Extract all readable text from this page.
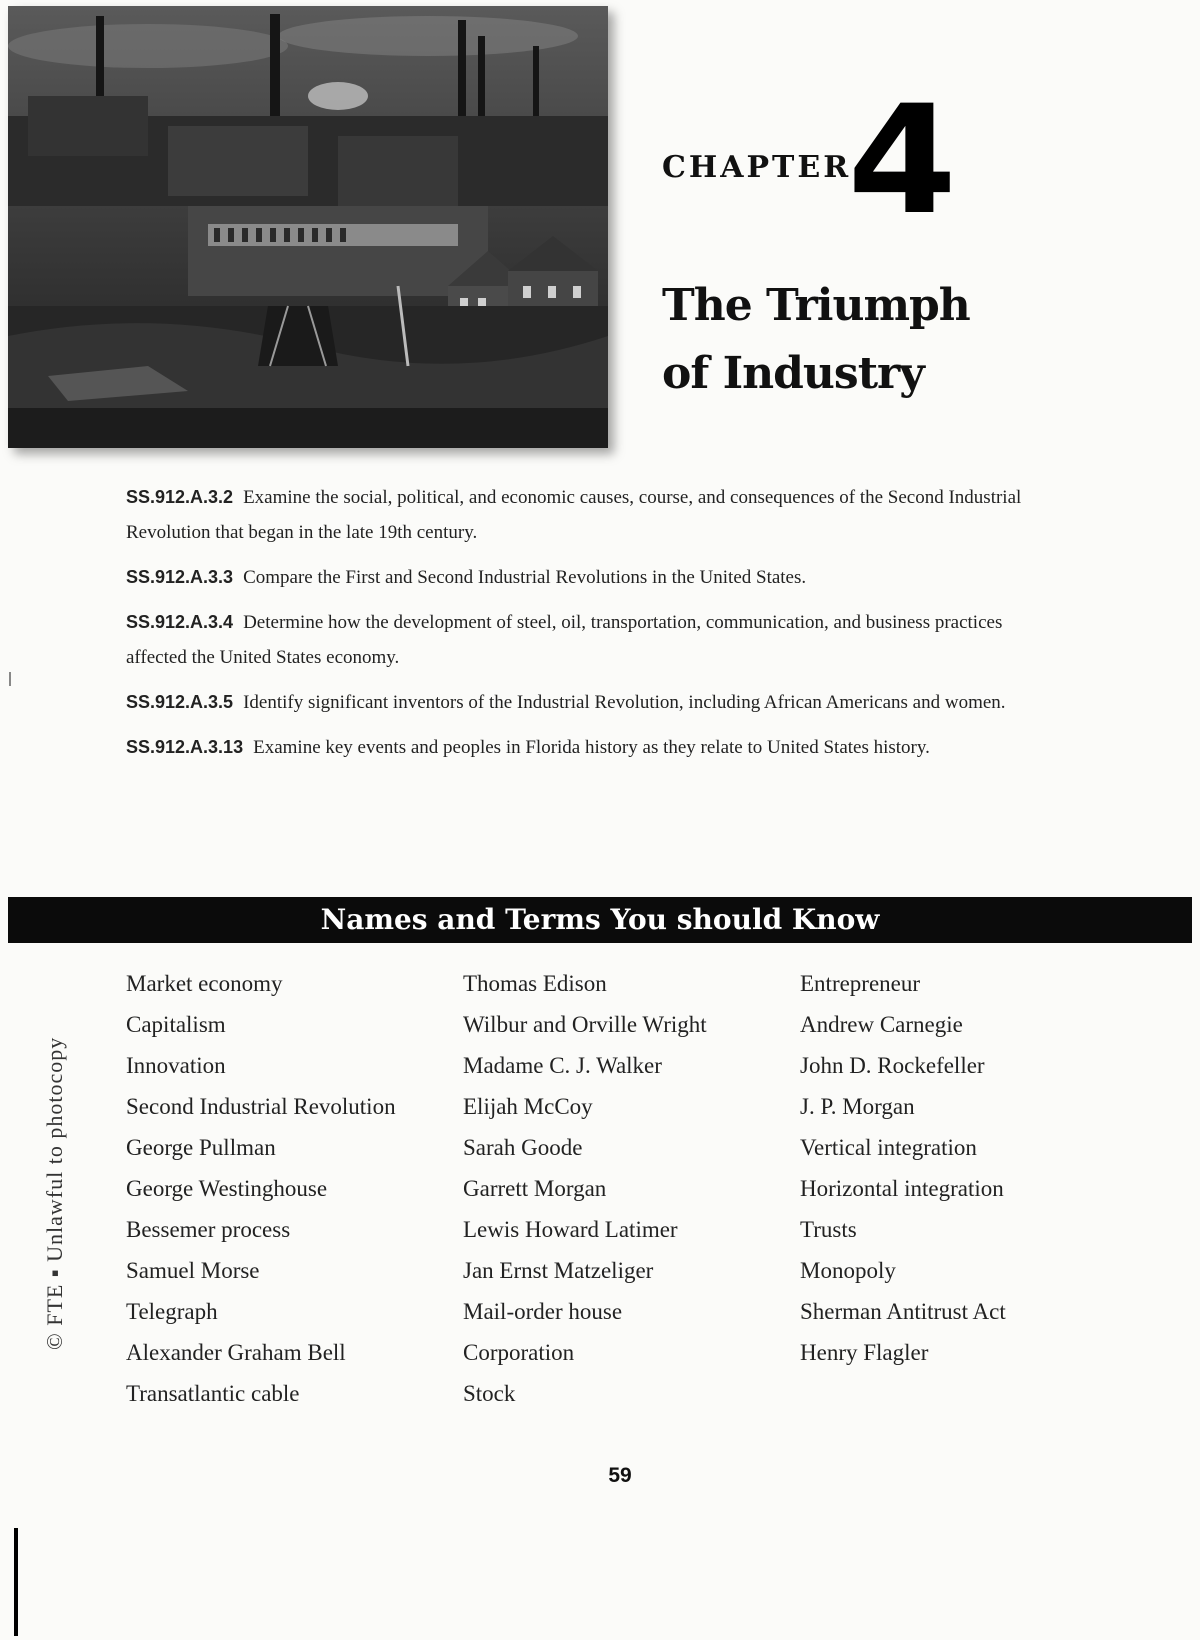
CHAPTER
4
The Triumph
of Industry

SS.912.A.3.2 Examine the social, political, and economic causes, course, and consequences of the Second Industrial Revolution that began in the late 19th century.

SS.912.A.3.3 Compare the First and Second Industrial Revolutions in the United States.

SS.912.A.3.4 Determine how the development of steel, oil, transportation, communication, and business practices affected the United States economy.

SS.912.A.3.5 Identify significant inventors of the Industrial Revolution, including African Americans and women.

SS.912.A.3.13 Examine key events and peoples in Florida history as they relate to United States history.

Names and Terms You should Know
Market economy
Capitalism
Innovation
Second Industrial Revolution
George Pullman
George Westinghouse
Bessemer process
Samuel Morse
Telegraph
Alexander Graham Bell
Transatlantic cable
Thomas Edison
Wilbur and Orville Wright
Madame C. J. Walker
Elijah McCoy
Sarah Goode
Garrett Morgan
Lewis Howard Latimer
Jan Ernst Matzeliger
Mail-order house
Corporation
Stock
Entrepreneur
Andrew Carnegie
John D. Rockefeller
J. P. Morgan
Vertical integration
Horizontal integration
Trusts
Monopoly
Sherman Antitrust Act
Henry Flagler
© FTE ▪ Unlawful to photocopy
59
